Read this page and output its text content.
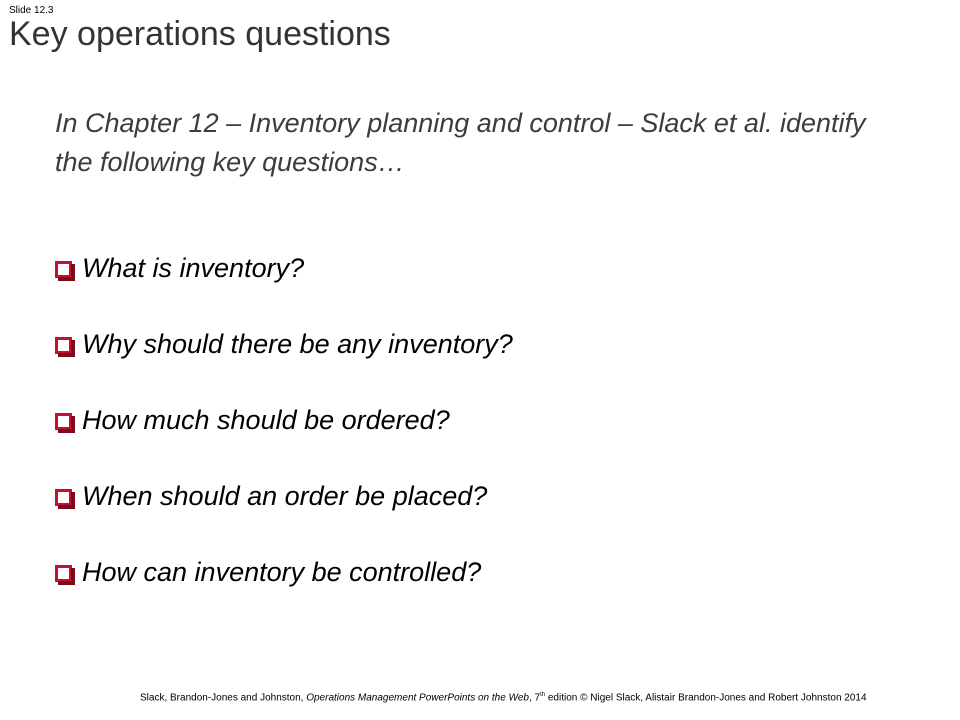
Slide 12.3
Key operations questions

In Chapter 12 – Inventory planning and control – Slack et al. identify the following key questions…

What is inventory?
Why should there be any inventory?
How much should be ordered?
When should an order be placed?
How can inventory be controlled?
Slack, Brandon-Jones and Johnston, Operations Management PowerPoints on the Web, 7th edition © Nigel Slack, Alistair Brandon-Jones and Robert Johnston 2014
